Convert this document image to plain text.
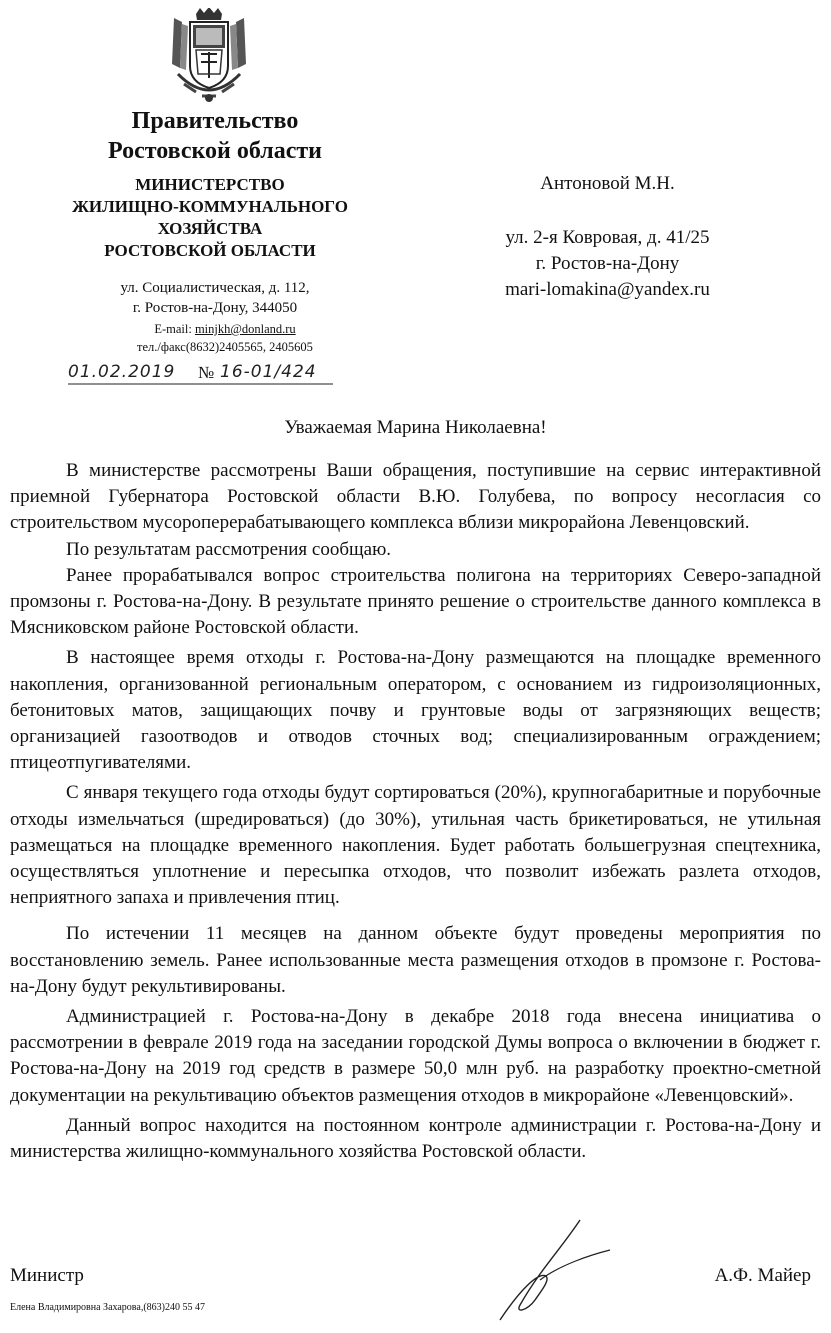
Правительство
Ростовской области
МИНИСТЕРСТВО
ЖИЛИЩНО-КОММУНАЛЬНОГО
ХОЗЯЙСТВА
РОСТОВСКОЙ ОБЛАСТИ
ул. Социалистическая, д. 112,
г. Ростов-на-Дону, 344050
E-mail: minjkh@donland.ru
тел./факс(8632)2405565, 2405605
01.02.2019 № 16-01/424
Антоновой М.Н.
ул. 2-я Ковровая, д. 41/25
г. Ростов-на-Дону
mari-lomakina@yandex.ru
Уважаемая Марина Николаевна!

В министерстве рассмотрены Ваши обращения, поступившие на сервис интерактивной приемной Губернатора Ростовской области В.Ю. Голубева, по вопросу несогласия со строительством мусороперерабатывающего комплекса вблизи микрорайона Левенцовский.

По результатам рассмотрения сообщаю.

Ранее прорабатывался вопрос строительства полигона на территориях Северо-западной промзоны г. Ростова-на-Дону. В результате принято решение о строительстве данного комплекса в Мясниковском районе Ростовской области.

В настоящее время отходы г. Ростова-на-Дону размещаются на площадке временного накопления, организованной региональным оператором, с основанием из гидроизоляционных, бетонитовых матов, защищающих почву и грунтовые воды от загрязняющих веществ; организацией газоотводов и отводов сточных вод; специализированным ограждением; птицеотпугивателями.

С января текущего года отходы будут сортироваться (20%), крупногабаритные и порубочные отходы измельчаться (шредироваться) (до 30%), утильная часть брикетироваться, не утильная размещаться на площадке временного накопления. Будет работать большегрузная спецтехника, осуществляться уплотнение и пересыпка отходов, что позволит избежать разлета отходов, неприятного запаха и привлечения птиц.

По истечении 11 месяцев на данном объекте будут проведены мероприятия по восстановлению земель. Ранее использованные места размещения отходов в промзоне г. Ростова-на-Дону будут рекультивированы.

Администрацией г. Ростова-на-Дону в декабре 2018 года внесена инициатива о рассмотрении в феврале 2019 года на заседании городской Думы вопроса о включении в бюджет г. Ростова-на-Дону на 2019 год средств в размере 50,0 млн руб. на разработку проектно-сметной документации на рекультивацию объектов размещения отходов в микрорайоне «Левенцовский».

Данный вопрос находится на постоянном контроле администрации г. Ростова-на-Дону и министерства жилищно-коммунального хозяйства Ростовской области.

Министр	А.Ф. Майер
Елена Владимировна Захарова,(863)240 55 47
